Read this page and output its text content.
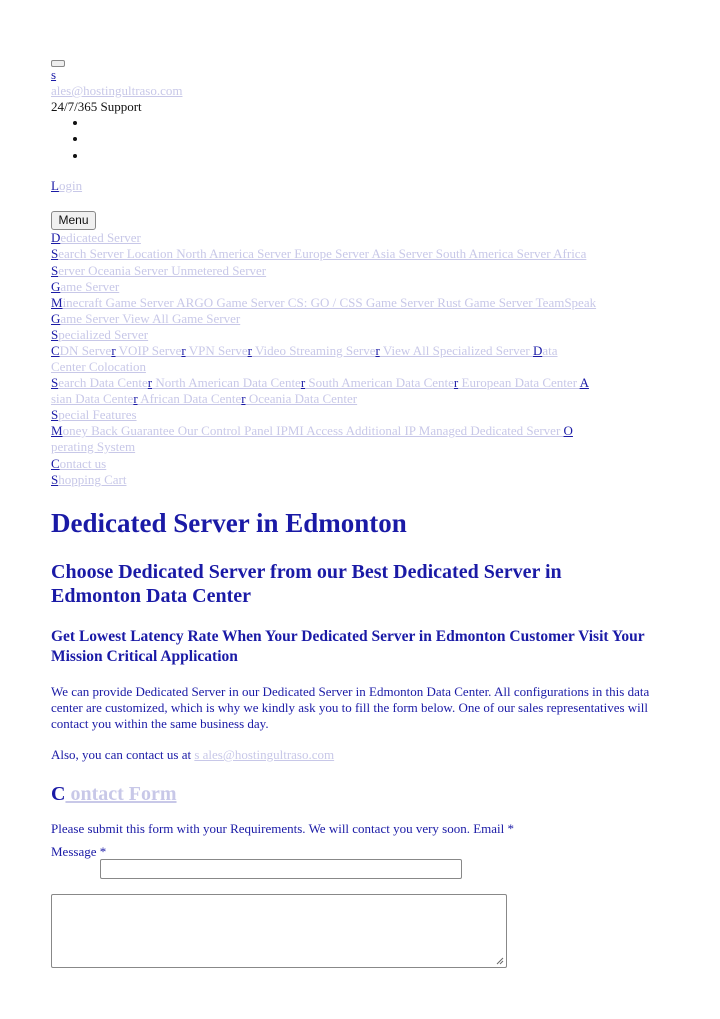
s
ales@hostingultraso.com
24/7/365 Support
Login
Menu
Dedicated Server
Search Server Location North America Server Europe Server Asia Server South America Server Africa
Server Oceania Server Unmetered Server
Game Server
Minecraft Game Server ARGO Game Server CS: GO / CSS Game Server Rust Game Server TeamSpeak
Game Server View All Game Server
Specialized Server
CDN Server VOIP Server VPN Server Video Streaming Server View All Specialized Server Data
Center Colocation
Search Data Center North American Data Center South American Data Center European Data Center A
sian Data Center African Data Center Oceania Data Center
Special Features
Money Back Guarantee Our Control Panel IPMI Access Additional IP Managed Dedicated Server O
perating System
Contact us
Shopping Cart
Dedicated Server in Edmonton
Choose Dedicated Server from our Best Dedicated Server in Edmonton Data Center
Get Lowest Latency Rate When Your Dedicated Server in Edmonton Customer Visit Your Mission Critical Application
We can provide Dedicated Server in our Dedicated Server in Edmonton Data Center. All configurations in this data center are customized, which is why we kindly ask you to fill the form below. One of our sales representatives will contact you within the same business day.
Also, you can contact us at s ales@hostingultraso.com
C ontact Form
Please submit this form with your Requirements. We will contact you very soon. Email *
Message *
